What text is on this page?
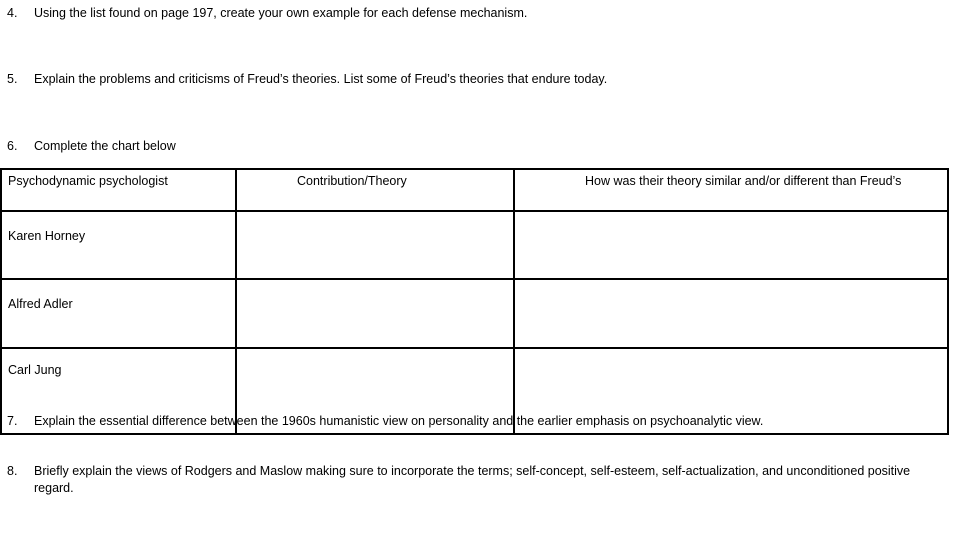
4.	Using the list found on page 197, create your own example for each defense mechanism.
5.	Explain the problems and criticisms of Freud’s theories. List some of Freud’s theories that endure today.
6.	Complete the chart below
Psychodynamic psychologist	Contribution/Theory	How was their theory similar and/or different than Freud’s
Karen Horney		
Alfred Adler		
Carl Jung		
7.	Explain the essential difference between the 1960s humanistic view on personality and the earlier emphasis on psychoanalytic view.
8.	Briefly explain the views of Rodgers and Maslow making sure to incorporate the terms; self-concept, self-esteem, self-actualization, and unconditioned positive regard.
